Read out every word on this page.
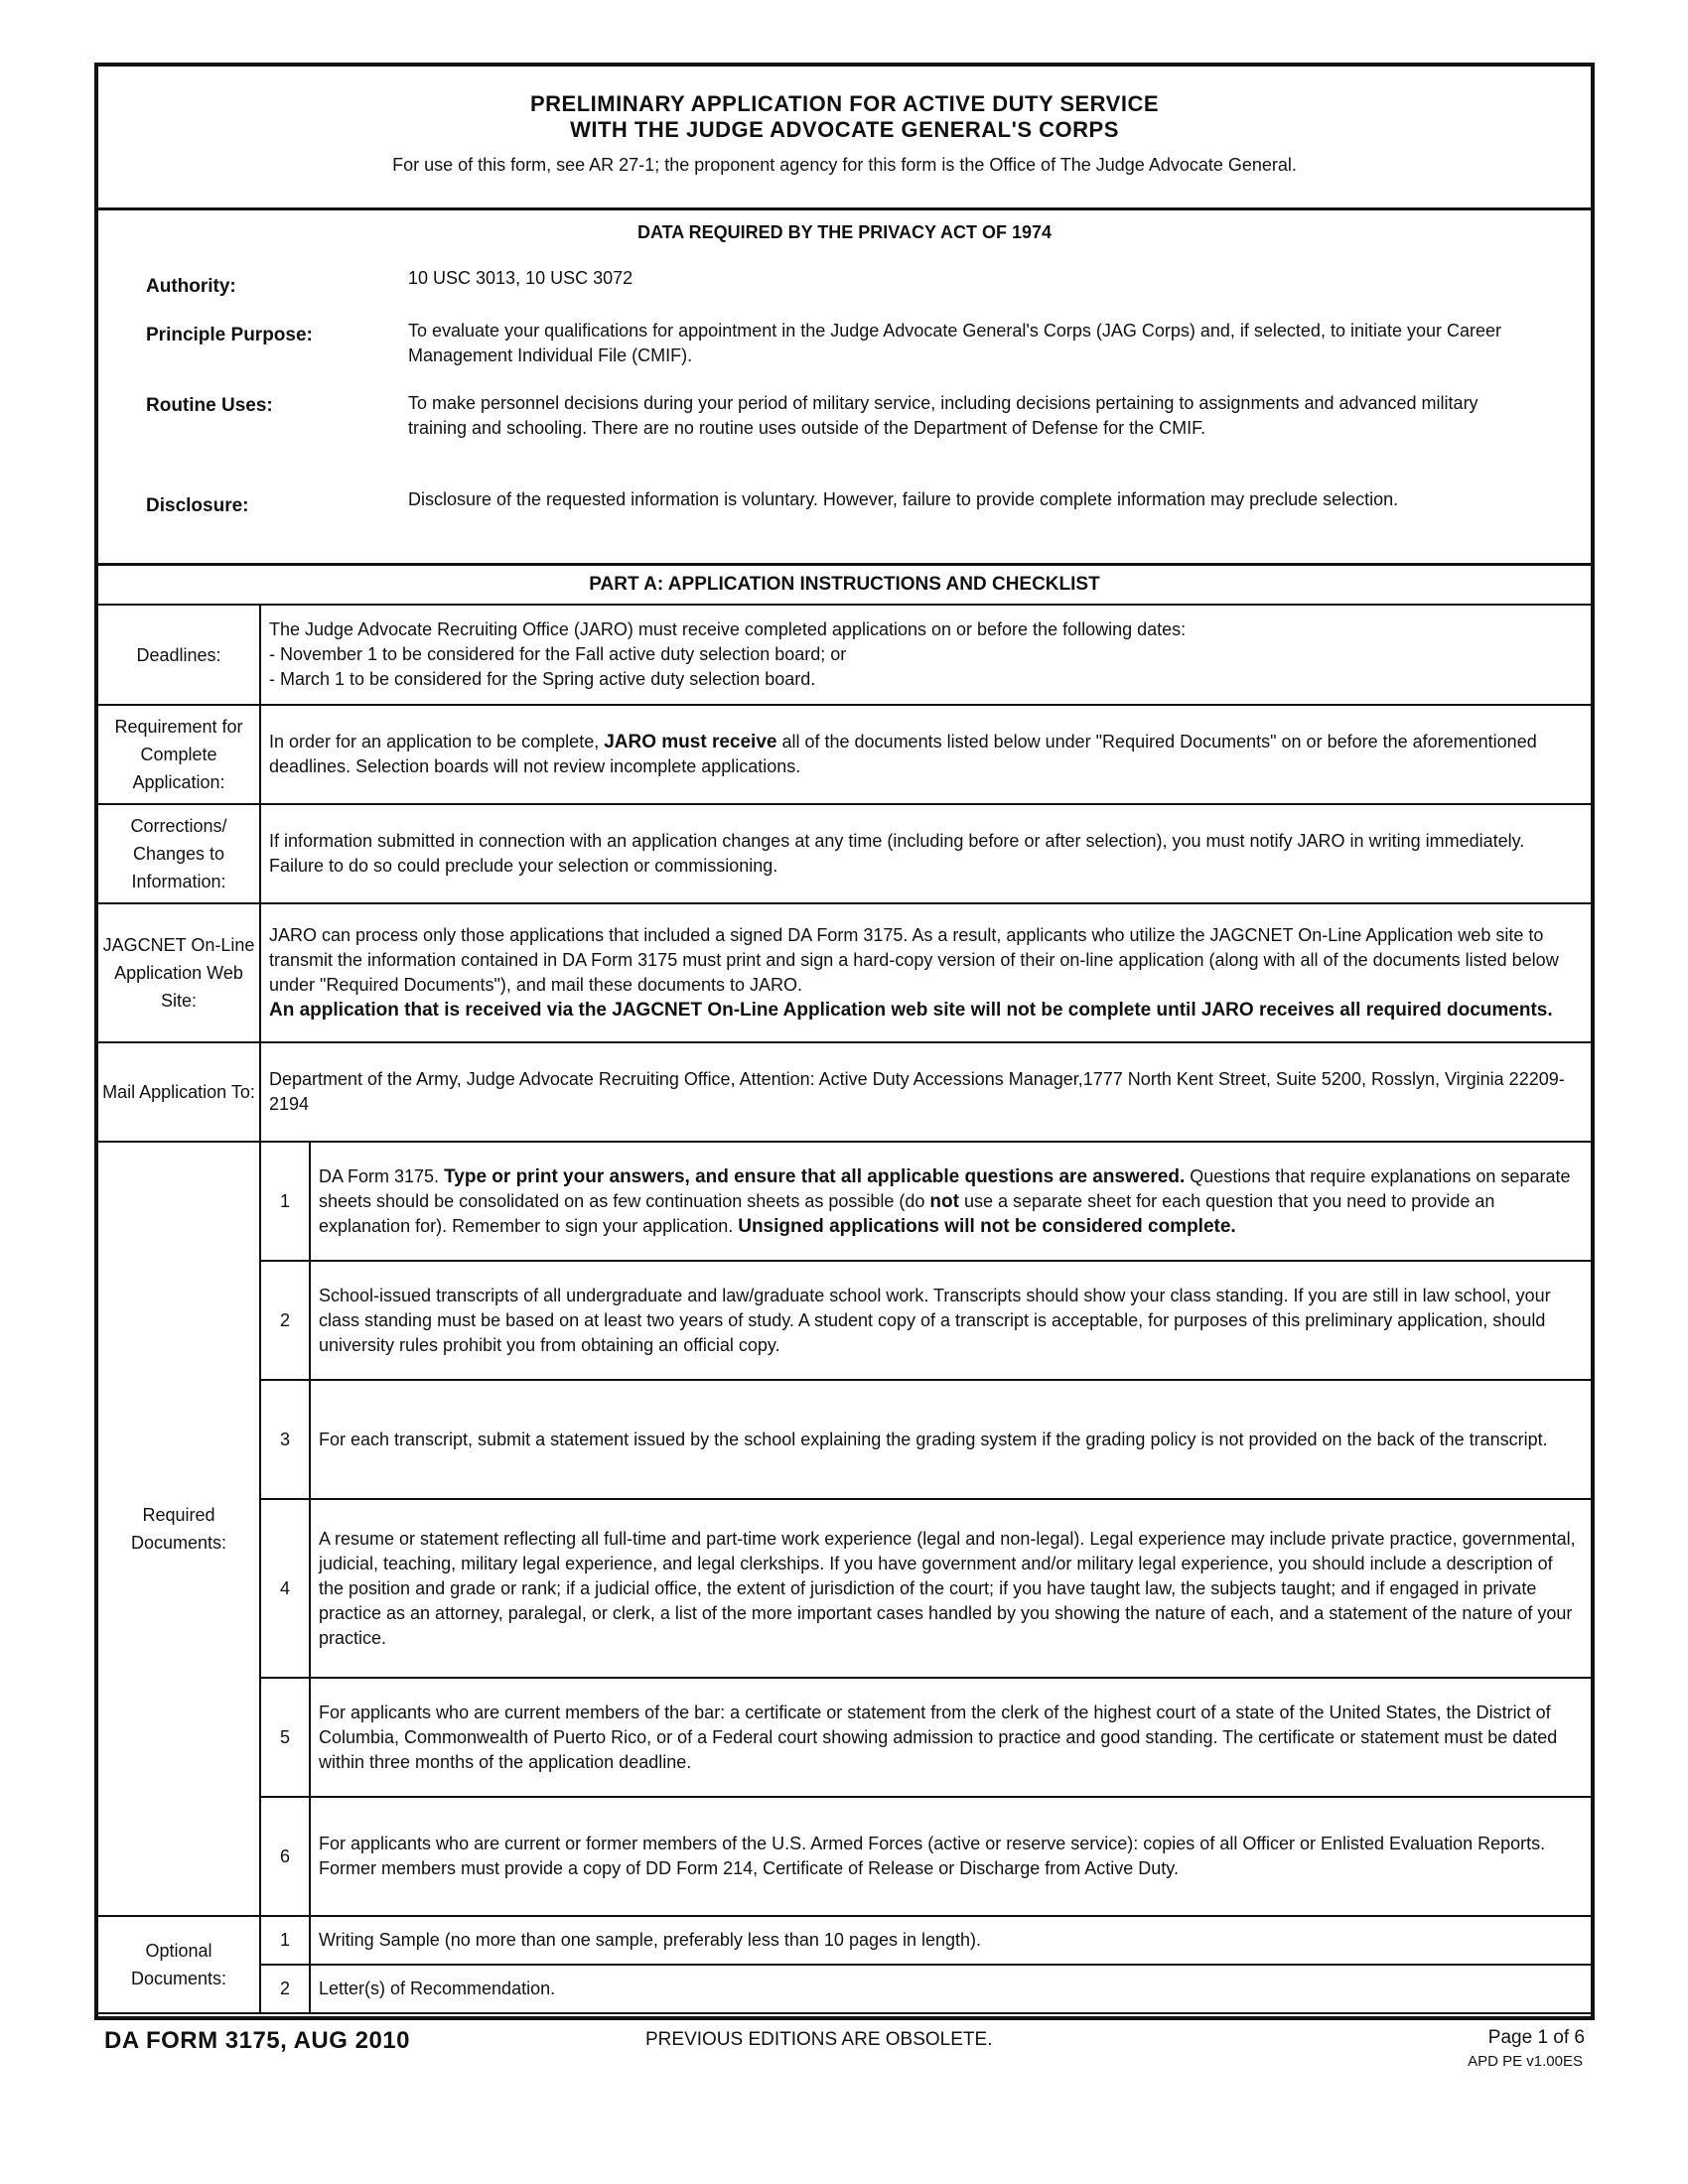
PRELIMINARY APPLICATION FOR ACTIVE DUTY SERVICE
WITH THE JUDGE ADVOCATE GENERAL'S CORPS
For use of this form, see AR 27-1; the proponent agency for this form is the Office of The Judge Advocate General.
DATA REQUIRED BY THE PRIVACY ACT OF 1974
Authority:	10 USC 3013, 10 USC 3072
Principle Purpose:	To evaluate your qualifications for appointment in the Judge Advocate General's Corps (JAG Corps) and, if selected, to initiate your Career Management Individual File (CMIF).
Routine Uses:	To make personnel decisions during your period of military service, including decisions pertaining to assignments and advanced military training and schooling. There are no routine uses outside of the Department of Defense for the CMIF.
Disclosure:	Disclosure of the requested information is voluntary. However, failure to provide complete information may preclude selection.
PART A: APPLICATION INSTRUCTIONS AND CHECKLIST
Deadlines:	The Judge Advocate Recruiting Office (JARO) must receive completed applications on or before the following dates:
- November 1 to be considered for the Fall active duty selection board; or
- March 1 to be considered for the Spring active duty selection board.	

Requirement for Complete Application:	In order for an application to be complete, JARO must receive all of the documents listed below under "Required Documents" on or before the aforementioned deadlines. Selection boards will not review incomplete applications.	
Corrections/ Changes to Information:	If information submitted in connection with an application changes at any time (including before or after selection), you must notify JARO in writing immediately. Failure to do so could preclude your selection or commissioning.	
JAGCNET On-Line Application Web Site:	JARO can process only those applications that included a signed DA Form 3175. As a result, applicants who utilize the JAGCNET On-Line Application web site to transmit the information contained in DA Form 3175 must print and sign a hard-copy version of their on-line application (along with all of the documents listed below under "Required Documents"), and mail these documents to JARO.
An application that is received via the JAGCNET On-Line Application web site will not be complete until JARO receives all required documents.	
Mail Application To:	Department of the Army, Judge Advocate Recruiting Office, Attention: Active Duty Accessions Manager,1777 North Kent Street, Suite 5200, Rosslyn, Virginia 22209-2194	
Required Documents:	1	DA Form 3175. Type or print your answers, and ensure that all applicable questions are answered. Questions that require explanations on separate sheets should be consolidated on as few continuation sheets as possible (do not use a separate sheet for each question that you need to provide an explanation for). Remember to sign your application. Unsigned applications will not be considered complete.
	2	School-issued transcripts of all undergraduate and law/graduate school work. Transcripts should show your class standing. If you are still in law school, your class standing must be based on at least two years of study. A student copy of a transcript is acceptable, for purposes of this preliminary application, should university rules prohibit you from obtaining an official copy.
	3	For each transcript, submit a statement issued by the school explaining the grading system if the grading policy is not provided on the back of the transcript.
	4	A resume or statement reflecting all full-time and part-time work experience (legal and non-legal). Legal experience may include private practice, governmental, judicial, teaching, military legal experience, and legal clerkships. If you have government and/or military legal experience, you should include a description of the position and grade or rank; if a judicial office, the extent of jurisdiction of the court; if you have taught law, the subjects taught; and if engaged in private practice as an attorney, paralegal, or clerk, a list of the more important cases handled by you showing the nature of each, and a statement of the nature of your practice.
	5	For applicants who are current members of the bar: a certificate or statement from the clerk of the highest court of a state of the United States, the District of Columbia, Commonwealth of Puerto Rico, or of a Federal court showing admission to practice and good standing. The certificate or statement must be dated within three months of the application deadline.
	6	For applicants who are current or former members of the U.S. Armed Forces (active or reserve service): copies of all Officer or Enlisted Evaluation Reports. Former members must provide a copy of DD Form 214, Certificate of Release or Discharge from Active Duty.
Optional Documents:	1	Writing Sample (no more than one sample, preferably less than 10 pages in length).
	2	Letter(s) of Recommendation.
DA FORM 3175, AUG 2010	PREVIOUS EDITIONS ARE OBSOLETE.	Page 1 of 6
APD PE v1.00ES
